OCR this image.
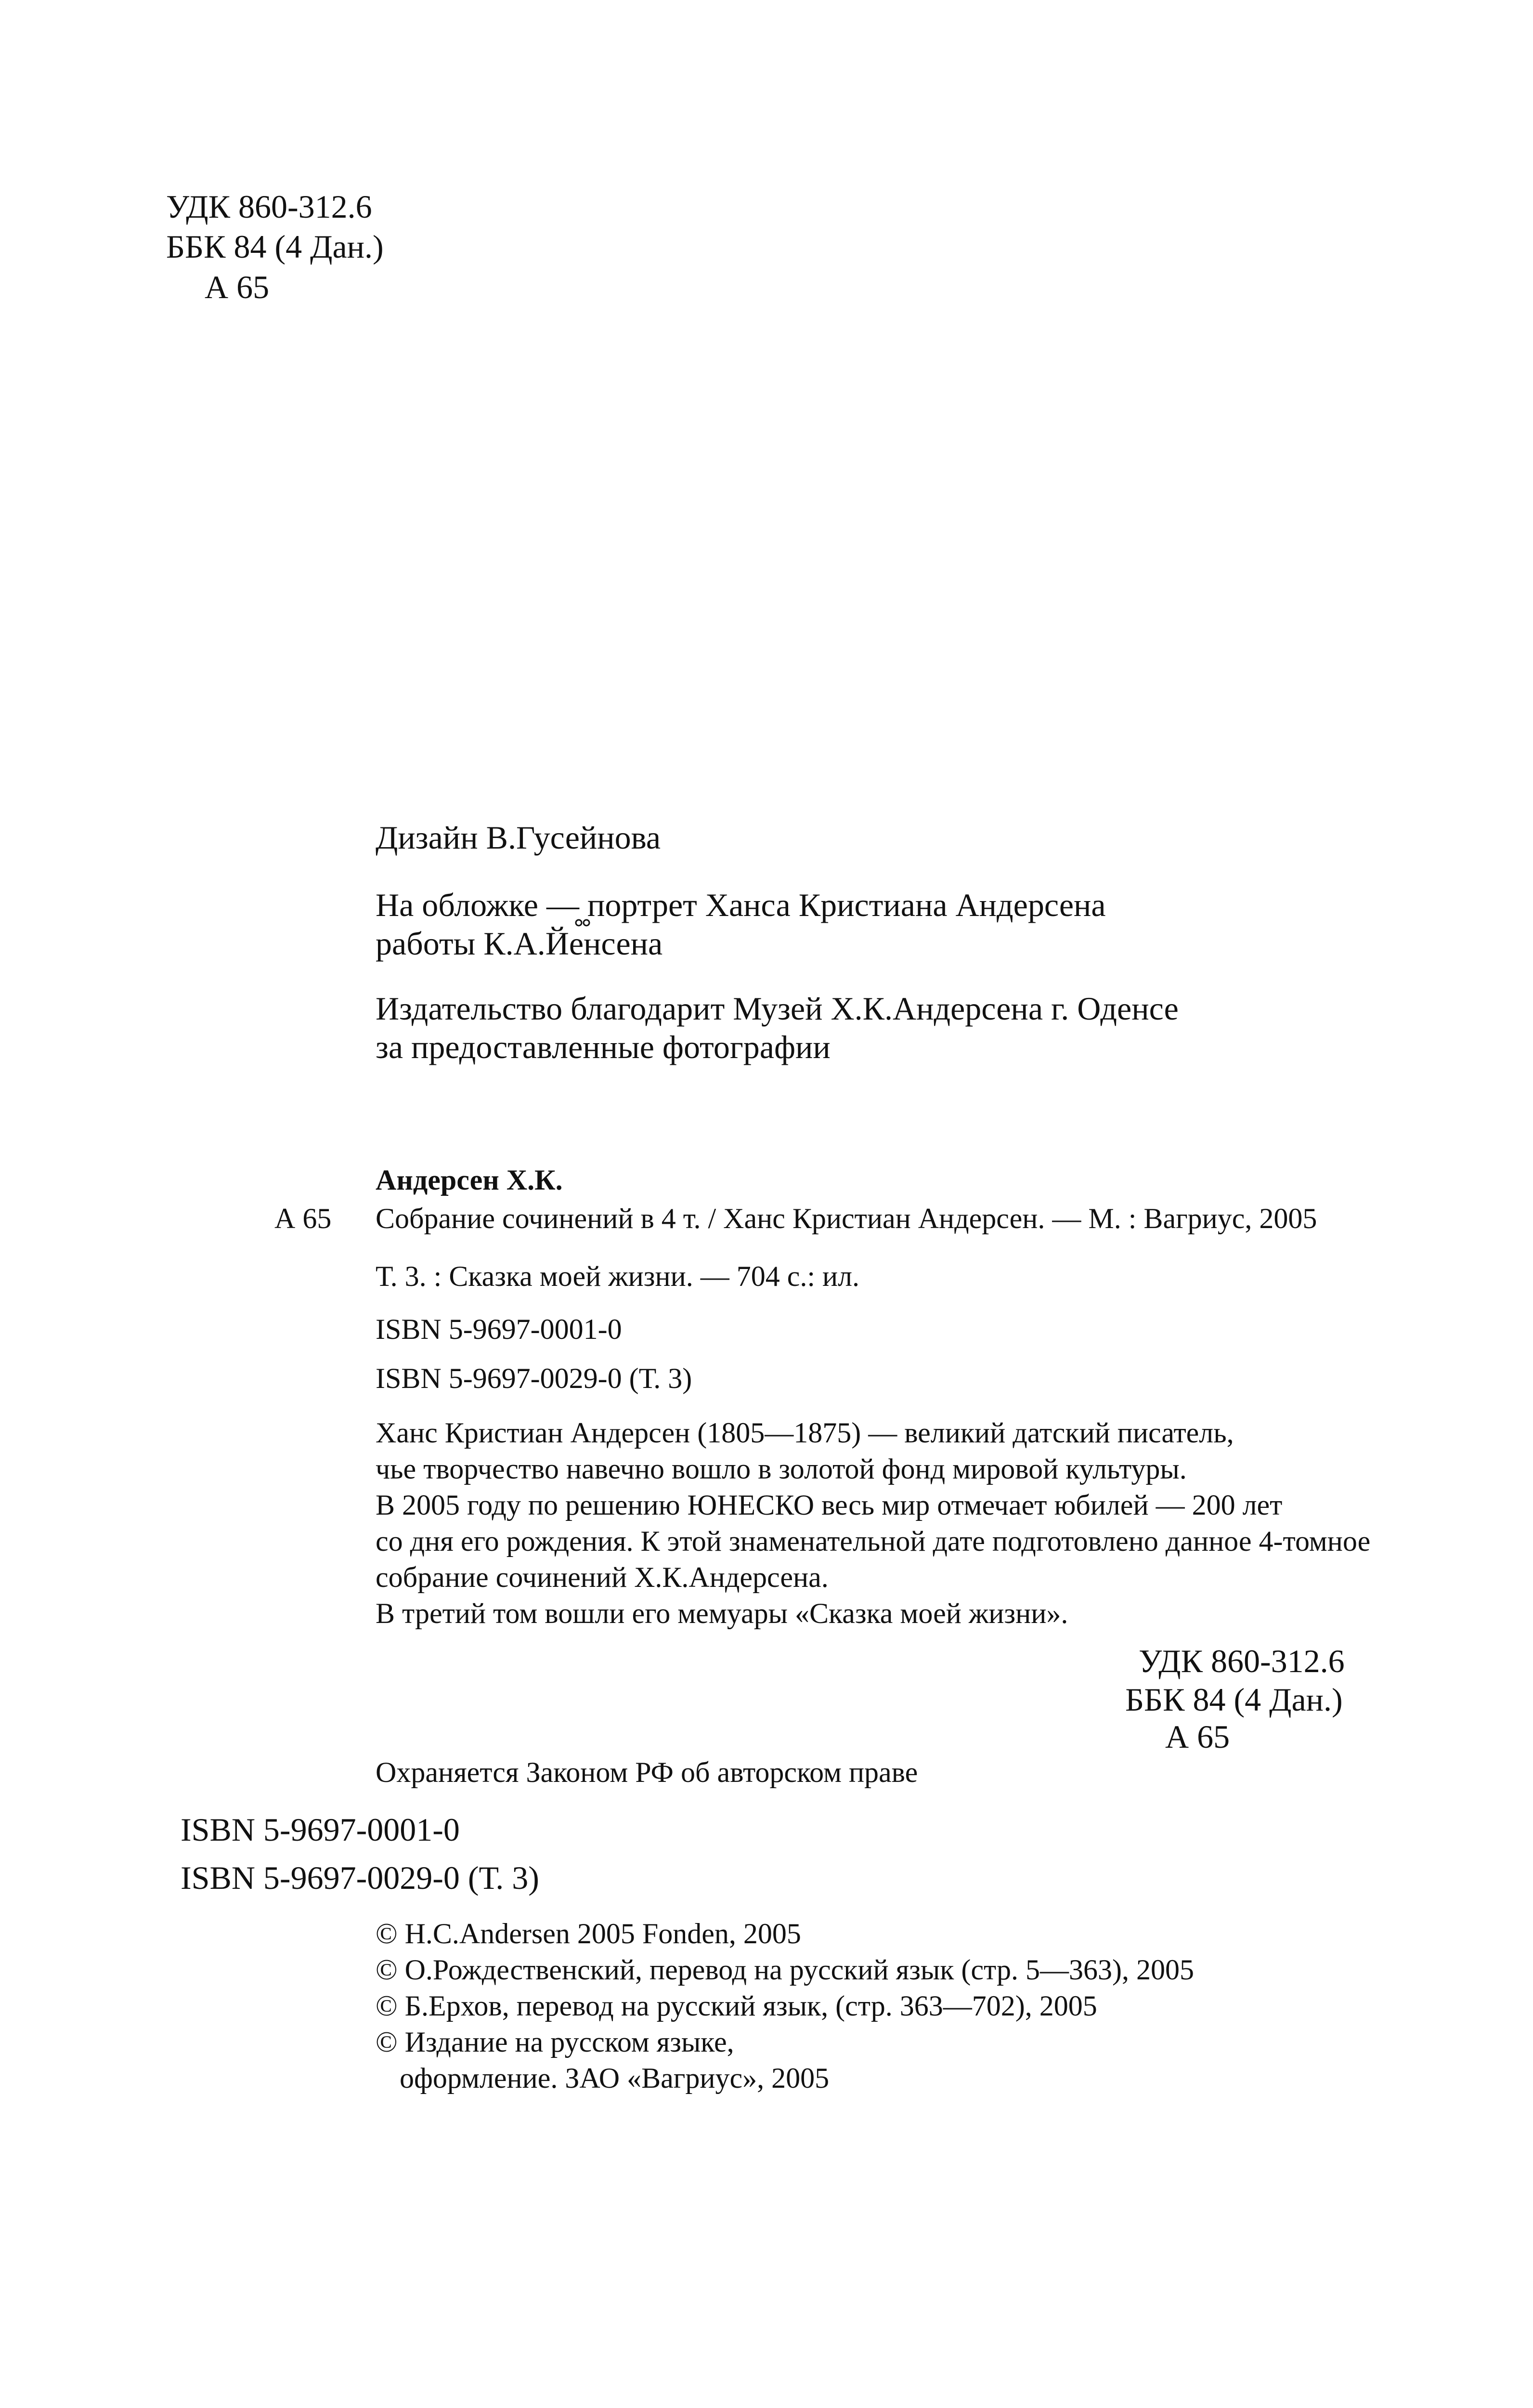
УДК 860-312.6
ББК 84 (4 Дан.)
А 65
Дизайн В.Гусейнова
На обложке — портрет Ханса Кристиана Андерсена
работы К.А.Йенсена
Издательство благодарит Музей Х.К.Андерсена г. Оденсе
за предоставленные фотографии
Андерсен Х.К.
А 65 Собрание сочинений в 4 т. / Ханс Кристиан Андерсен. — М. : Вагриус, 2005
Т. 3. : Сказка моей жизни. — 704 с.: ил.
ISBN 5-9697-0001-0
ISBN 5-9697-0029-0 (Т. 3)
Ханс Кристиан Андерсен (1805—1875) — великий датский писатель,
чье творчество навечно вошло в золотой фонд мировой культуры.
В 2005 году по решению ЮНЕСКО весь мир отмечает юбилей — 200 лет
со дня его рождения. К этой знаменательной дате подготовлено данное 4-томное
собрание сочинений Х.К.Андерсена.
В третий том вошли его мемуары «Сказка моей жизни».
УДК 860-312.6
ББК 84 (4 Дан.)
А 65
Охраняется Законом РФ об авторском праве
ISBN 5-9697-0001-0
ISBN 5-9697-0029-0 (Т. 3)
© H.C.Andersen 2005 Fonden, 2005
© О.Рождественский, перевод на русский язык (стр. 5—363), 2005
© Б.Ерхов, перевод на русский язык, (стр. 363—702), 2005
© Издание на русском языке,
оформление. ЗАО «Вагриус», 2005
